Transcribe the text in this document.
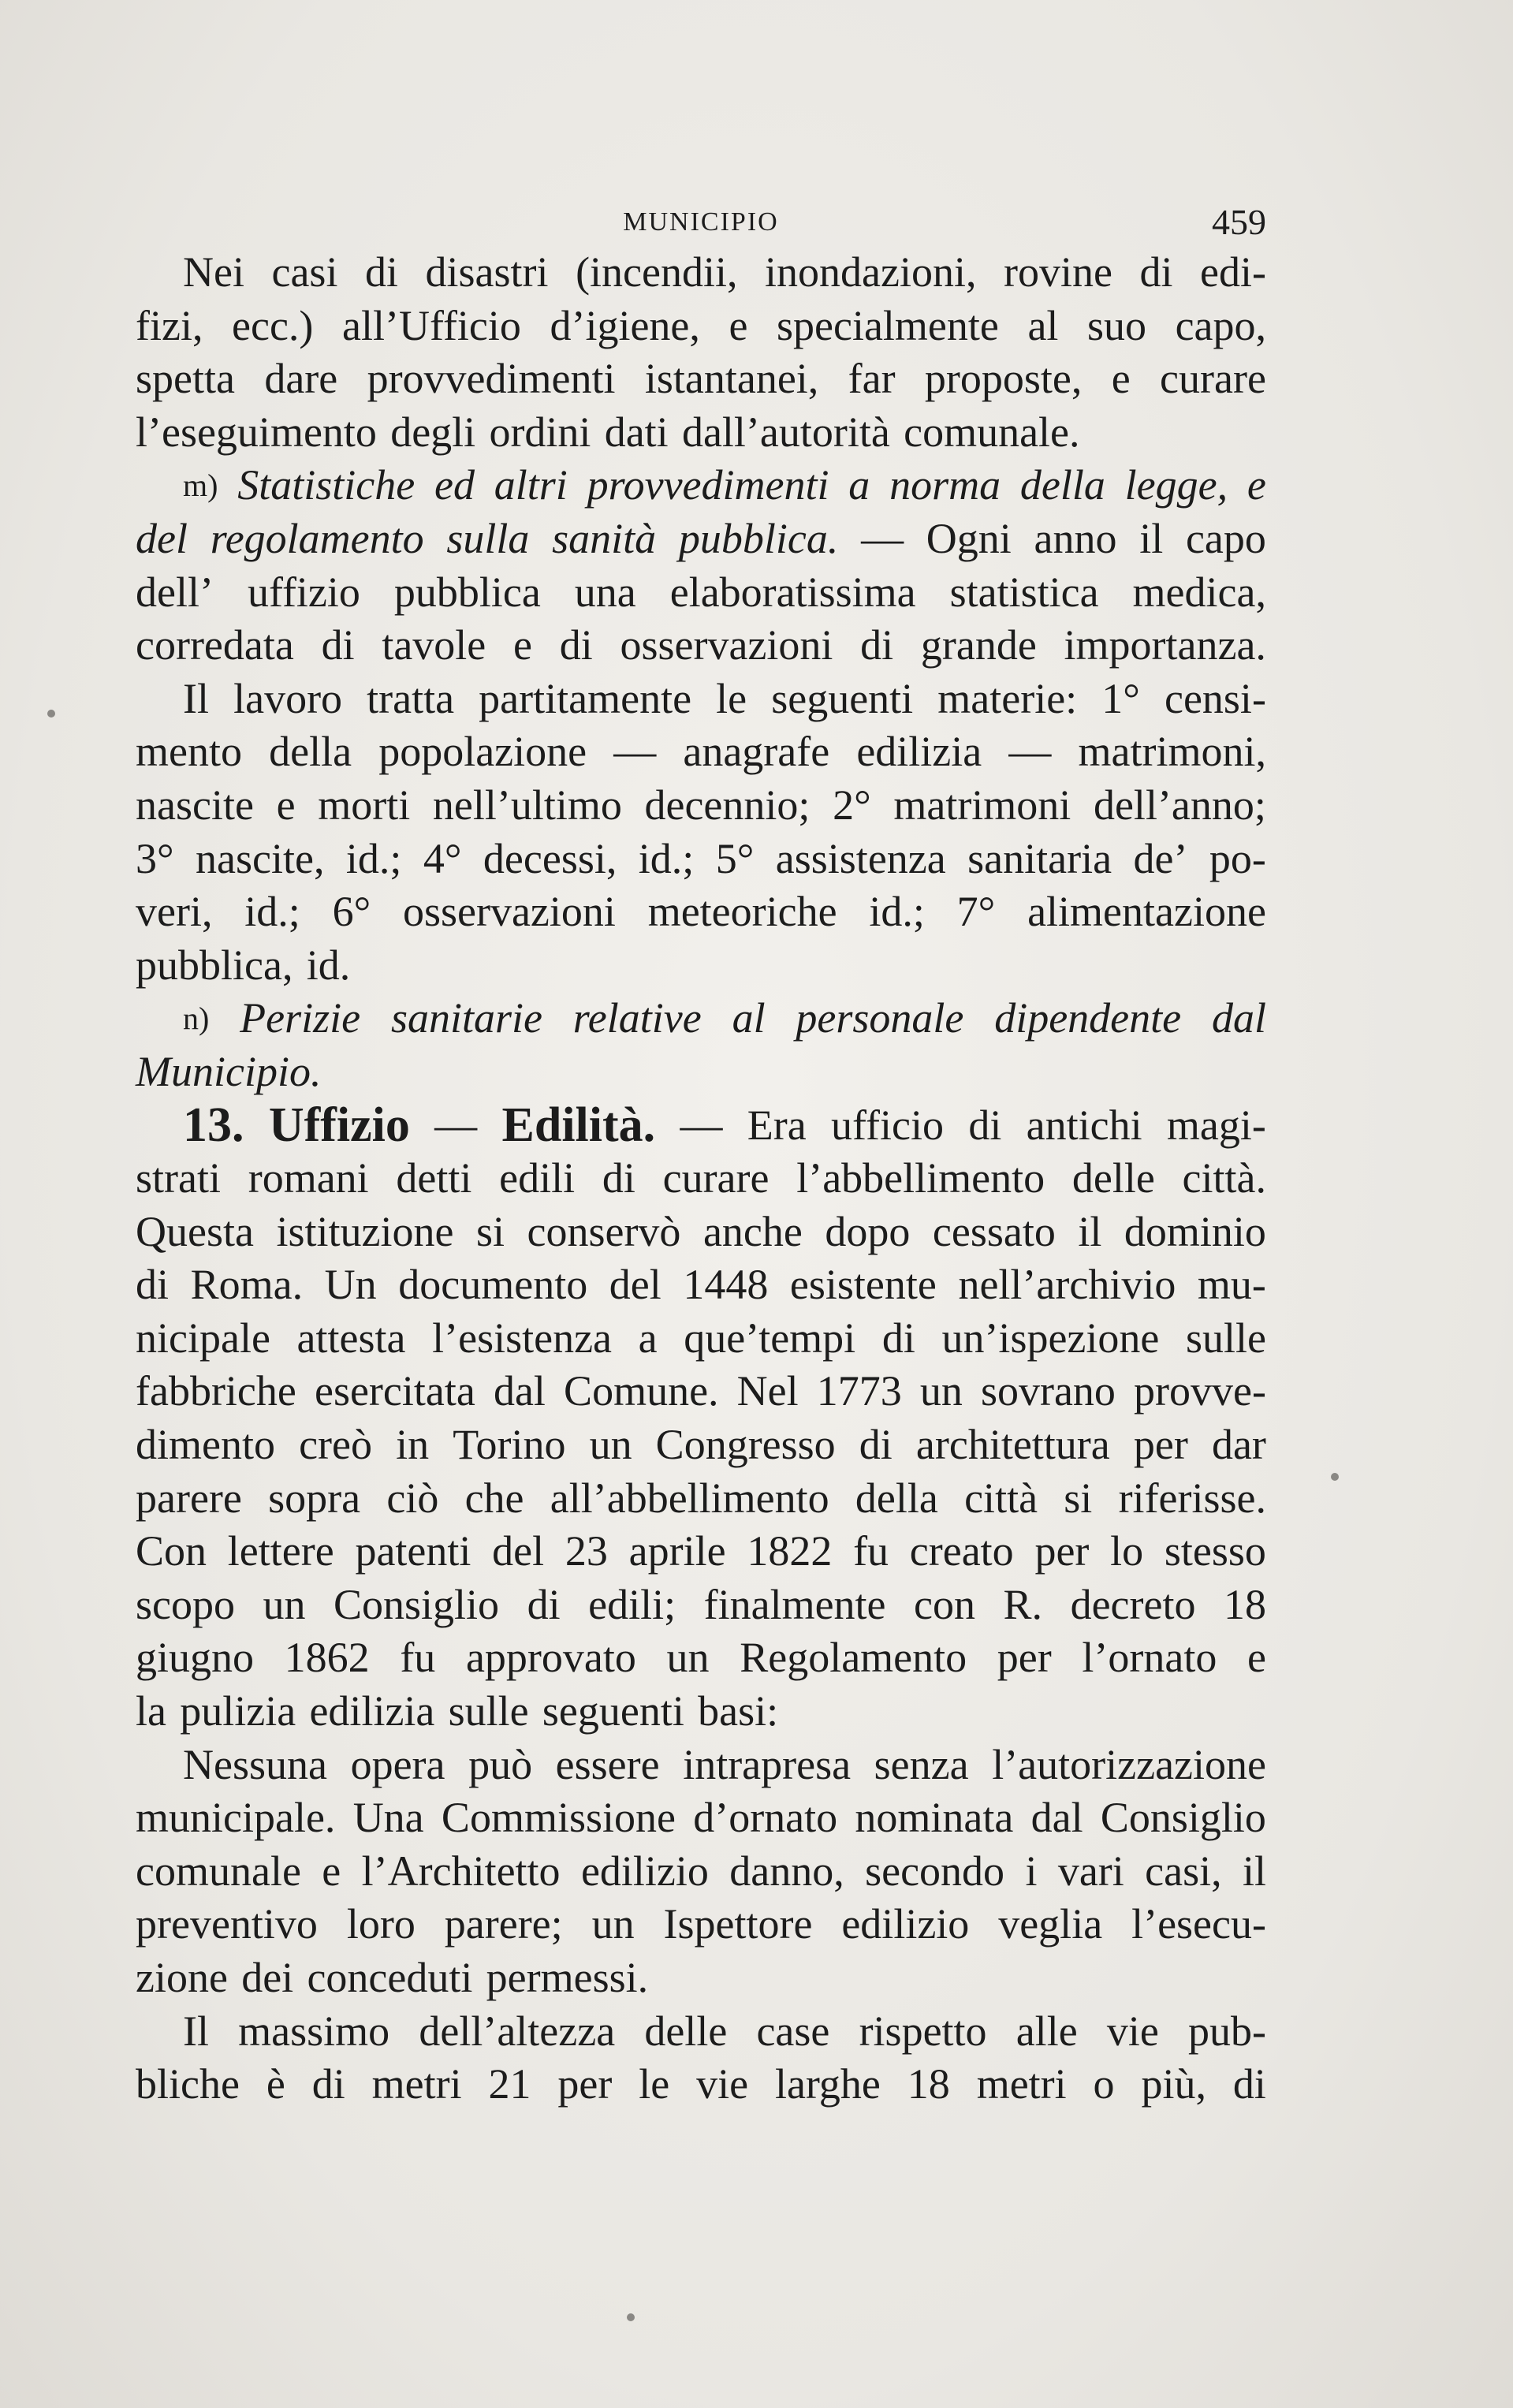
MUNICIPIO	459
Nei casi di disastri (incendii, inondazioni, rovine di edi-
fizi, ecc.) all’Ufficio d’igiene, e specialmente al suo capo,
spetta dare provvedimenti istantanei, far proposte, e curare
l’eseguimento degli ordini dati dall’autorità comunale.
m) Statistiche ed altri provvedimenti a norma della legge, e
del regolamento sulla sanità pubblica. — Ogni anno il capo
dell’ uffizio pubblica una elaboratissima statistica medica,
corredata di tavole e di osservazioni di grande importanza.
Il lavoro tratta partitamente le seguenti materie: 1° censi-
mento della popolazione — anagrafe edilizia — matrimoni,
nascite e morti nell’ultimo decennio; 2° matrimoni dell’anno;
3° nascite, id.; 4° decessi, id.; 5° assistenza sanitaria de’ po-
veri, id.; 6° osservazioni meteoriche id.; 7° alimentazione
pubblica, id.
n) Perizie sanitarie relative al personale dipendente dal
Municipio.
13. Uffizio — Edilità. — Era ufficio di antichi magi-
strati romani detti edili di curare l’abbellimento delle città.
Questa istituzione si conservò anche dopo cessato il dominio
di Roma. Un documento del 1448 esistente nell’archivio mu-
nicipale attesta l’esistenza a que’tempi di un’ispezione sulle
fabbriche esercitata dal Comune. Nel 1773 un sovrano provve-
dimento creò in Torino un Congresso di architettura per dar
parere sopra ciò che all’abbellimento della città si riferisse.
Con lettere patenti del 23 aprile 1822 fu creato per lo stesso
scopo un Consiglio di edili; finalmente con R. decreto 18
giugno 1862 fu approvato un Regolamento per l’ornato e
la pulizia edilizia sulle seguenti basi:
Nessuna opera può essere intrapresa senza l’autorizzazione
municipale. Una Commissione d’ornato nominata dal Consiglio
comunale e l’Architetto edilizio danno, secondo i vari casi, il
preventivo loro parere; un Ispettore edilizio veglia l’esecu-
zione dei conceduti permessi.
Il massimo dell’altezza delle case rispetto alle vie pub-
bliche è di metri 21 per le vie larghe 18 metri o più, di
